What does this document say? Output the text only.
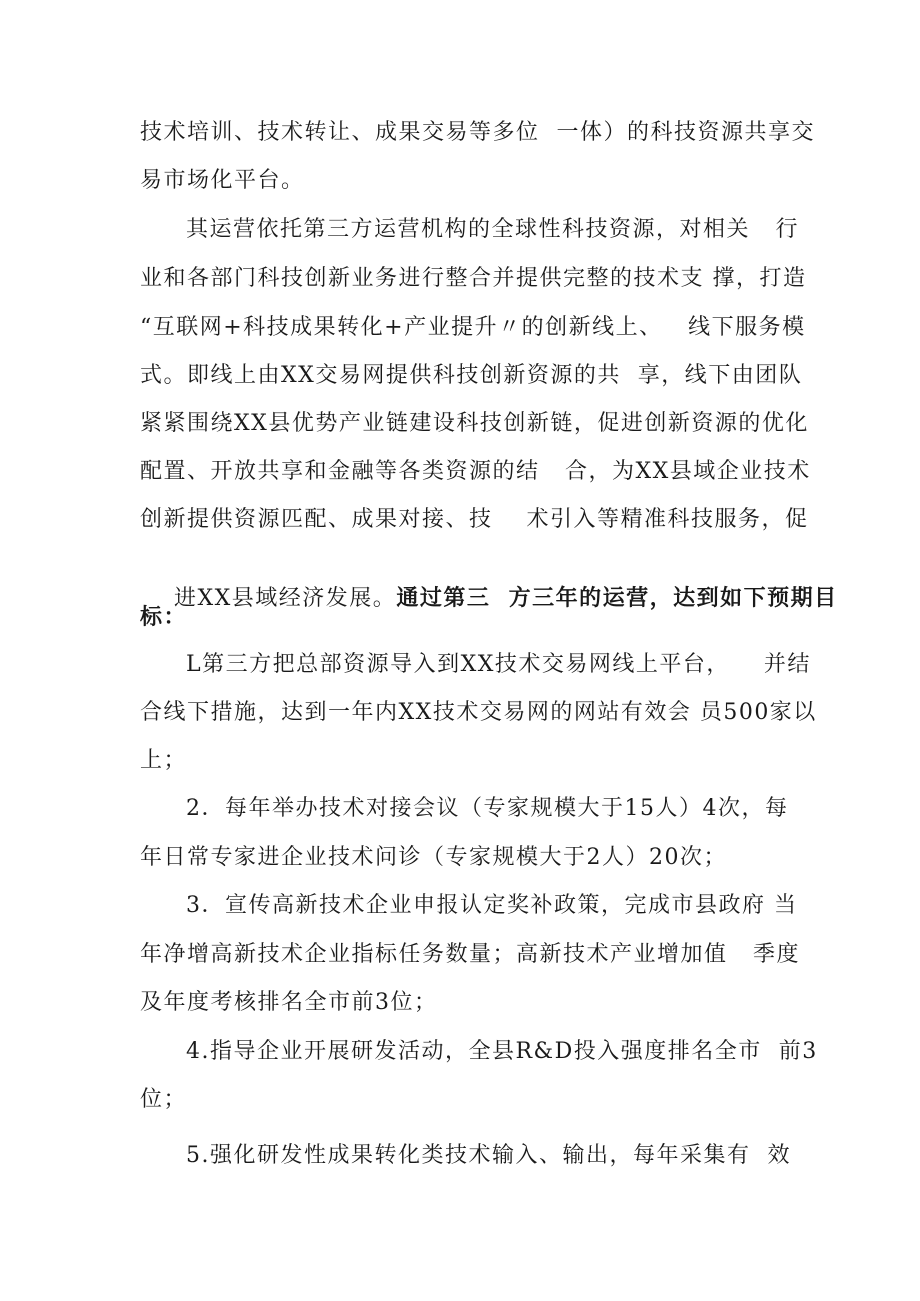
技术培训、技术转让、成果交易等多位  一体）的科技资源共享交
易市场化平台。
其运营依托第三方运营机构的全球性科技资源，对相关   行
业和各部门科技创新业务进行整合并提供完整的技术支 撑，打造
“互联网+科技成果转化+产业提升〃的创新线上、   线下服务模
式。即线上由XX交易网提供科技创新资源的共  享，线下由团队
紧紧围绕XX县优势产业链建设科技创新链，促进创新资源的优化
配置、开放共享和金融等各类资源的结   合，为XX县域企业技术
创新提供资源匹配、成果对接、技    术引入等精准科技服务，促

进XX县域经济发展。通过第三  方三年的运营，达到如下预期目

标：
L第三方把总部资源导入到XX技术交易网线上平台，    并结
合线下措施，达到一年内XX技术交易网的网站有效会 员500家以
上；
2．每年举办技术对接会议（专家规模大于15人）4次，每
年日常专家进企业技术问诊（专家规模大于2人）20次；
3．宣传高新技术企业申报认定奖补政策，完成市县政府 当
年净增高新技术企业指标任务数量；高新技术产业增加值   季度
及年度考核排名全市前3位；
4.指导企业开展研发活动，全县R&D投入强度排名全市  前3
位；
5.强化研发性成果转化类技术输入、输出，每年采集有  效
